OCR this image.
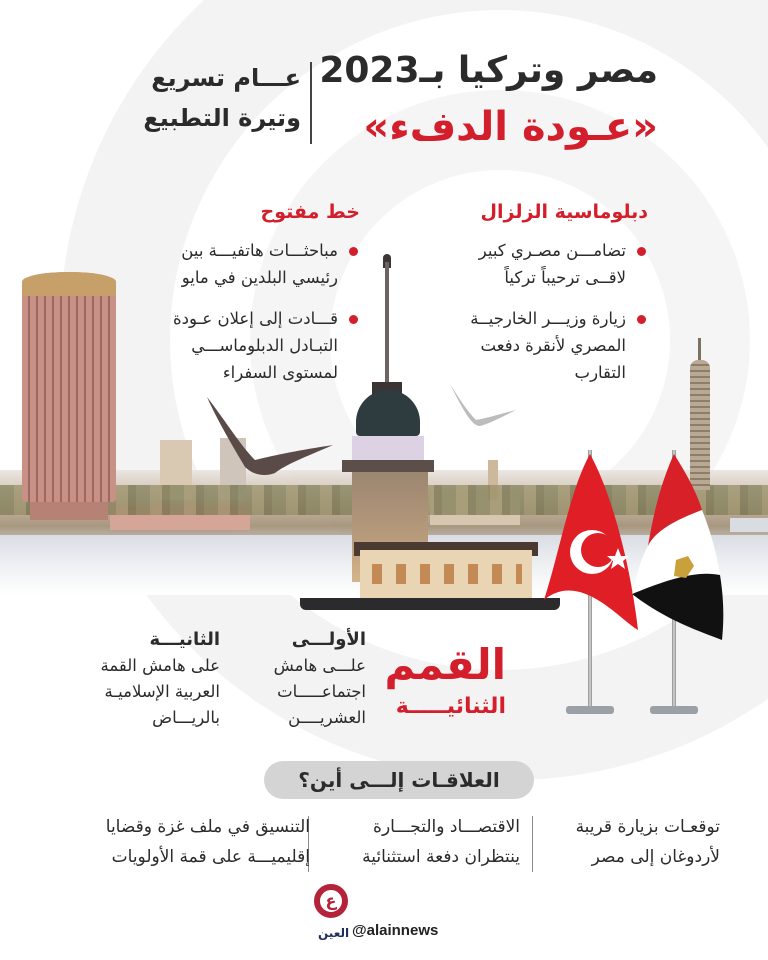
مصر وتركيا بـ2023
«عـودة الدفء»
عـــام تسريع
وتيرة التطبيع
دبلوماسية الزلزال
تضامـــن مصـري كبير
لاقــى ترحيباً تركياً
زيارة وزيـــر الخارجيــة
المصري لأنقرة دفعت
التقارب
خط مفتوح
مباحثـــات هاتفيـــة بين
رئيسي البلدين في مايو
قـــادت إلى إعلان عـودة
التبـادل الدبلوماســـي
لمستوى السفراء
القمم
الثنائيـــــة
الأولـــى
علـــى هامش
اجتماعـــــات
العشريــــن
الثانيـــة
على هامش القمة
العربية الإسلاميـة
بالريـــاض
العلاقـات إلـــى أين؟
توقعـات بزيارة قريبة
لأردوغان إلى مصر
الاقتصـــاد والتجـــارة
ينتظران دفعة استثنائية
التنسيق في ملف غزة وقضايا
إقليميـــة على قمة الأولويات
ع
العين @alainnews
